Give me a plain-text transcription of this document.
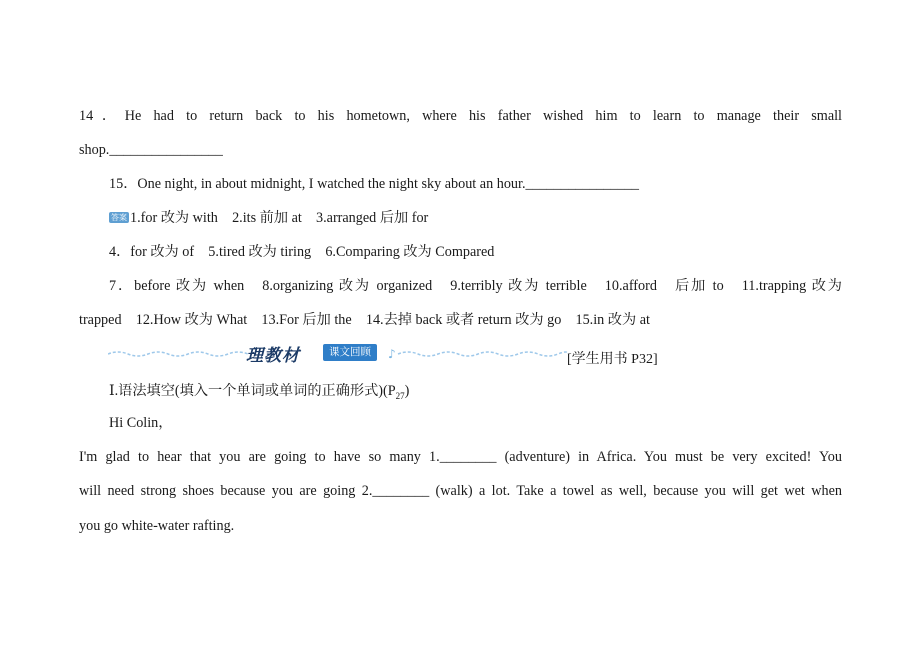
14．He had to return back to his hometown, where his father wished him to learn to manage their small
shop.________________
15．One night, in about midnight, I watched the night sky about an hour.________________
答案 1.for 改为 with　2.its 前加 at　3.arranged 后加 for
4．for 改为 of　5.tired 改为 tiring　6.Comparing 改为 Compared
7．before 改为 when　8.organizing 改为 organized　9.terribly 改为 terrible　10.afford　后加 to　11.trapping 改为
trapped　12.How 改为 What　13.For 后加 the　14.去掉 back 或者 return 改为 go　15.in 改为 at
♪
理教材	课文回顾	[学生用书 P32]
Ⅰ.语法填空(填入一个单词或单词的正确形式)$(P_{27})$
Hi Colin，
I'm glad to hear that you are going to have so many 1.________ (adventure) in Africa. You must be very excited! You
will need strong shoes because you are going 2.________ (walk) a lot. Take a towel as well, because you will get wet when
you go white-water rafting.
